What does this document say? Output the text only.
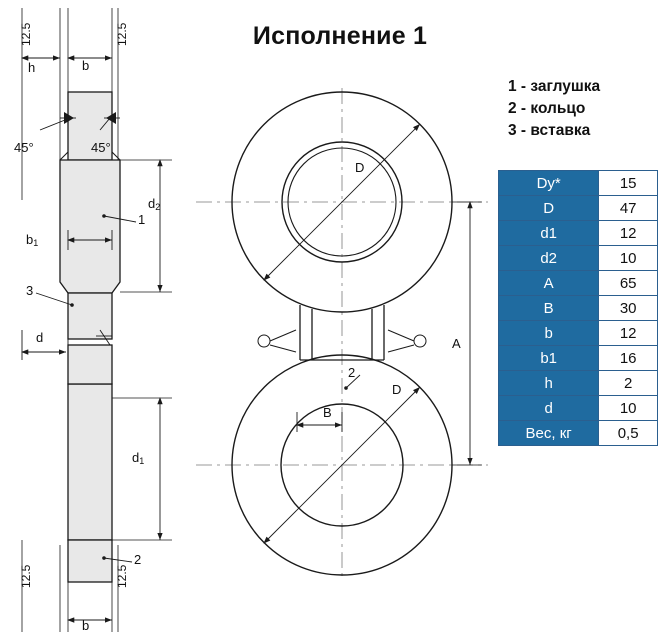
Исполнение 1
1 - заглушка
2 - кольцо
3 - вставка
Dy*	15
D	47
d1	12
d2	10
A	65
B	30
b	12
b1	16
h	2
d	10
Вес, кг	0,5
12.5	12.5
h	b
45°	45°
$b_1$
$d_2$
1
3
d
$d_1$
2
12.5	12.5
b
D
D
A
B
2
